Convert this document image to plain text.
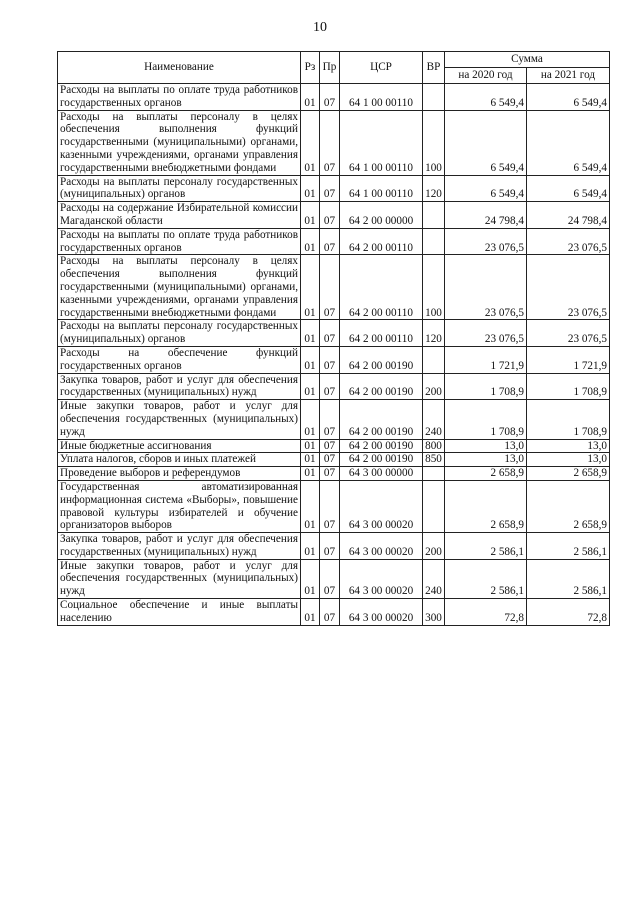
10
Наименование	Рз	Пр	ЦСР	ВР	Сумма	
					на 2020 год	на 2021 год
Расходы на выплаты по оплате труда работников государственных органов	01	07	64 1 00 00110		6 549,4	6 549,4
Расходы на выплаты персоналу в целях обеспечения выполнения функций государственными (муниципальными) органами, казенными учреждениями, органами управления государственными внебюджетными фондами	01	07	64 1 00 00110	100	6 549,4	6 549,4
Расходы на выплаты персоналу государственных (муниципальных) органов	01	07	64 1 00 00110	120	6 549,4	6 549,4
Расходы на содержание Избирательной комиссии Магаданской области	01	07	64 2 00 00000		24 798,4	24 798,4
Расходы на выплаты по оплате труда работников государственных органов	01	07	64 2 00 00110		23 076,5	23 076,5
Расходы на выплаты персоналу в целях обеспечения выполнения функций государственными (муниципальными) органами, казенными учреждениями, органами управления государственными внебюджетными фондами	01	07	64 2 00 00110	100	23 076,5	23 076,5
Расходы на выплаты персоналу государственных (муниципальных) органов	01	07	64 2 00 00110	120	23 076,5	23 076,5
Расходы на обеспечение функций государственных органов	01	07	64 2 00 00190		1 721,9	1 721,9
Закупка товаров, работ и услуг для обеспечения государственных (муниципальных) нужд	01	07	64 2 00 00190	200	1 708,9	1 708,9
Иные закупки товаров, работ и услуг для обеспечения государственных (муниципальных) нужд	01	07	64 2 00 00190	240	1 708,9	1 708,9
Иные бюджетные ассигнования	01	07	64 2 00 00190	800	13,0	13,0
Уплата налогов, сборов и иных платежей	01	07	64 2 00 00190	850	13,0	13,0
Проведение выборов и референдумов	01	07	64 3 00 00000		2 658,9	2 658,9
Государственная автоматизированная информационная система «Выборы», повышение правовой культуры избирателей и обучение организаторов выборов	01	07	64 3 00 00020		2 658,9	2 658,9
Закупка товаров, работ и услуг для обеспечения государственных (муниципальных) нужд	01	07	64 3 00 00020	200	2 586,1	2 586,1
Иные закупки товаров, работ и услуг для обеспечения государственных (муниципальных) нужд	01	07	64 3 00 00020	240	2 586,1	2 586,1
Социальное обеспечение и иные выплаты населению	01	07	64 3 00 00020	300	72,8	72,8
